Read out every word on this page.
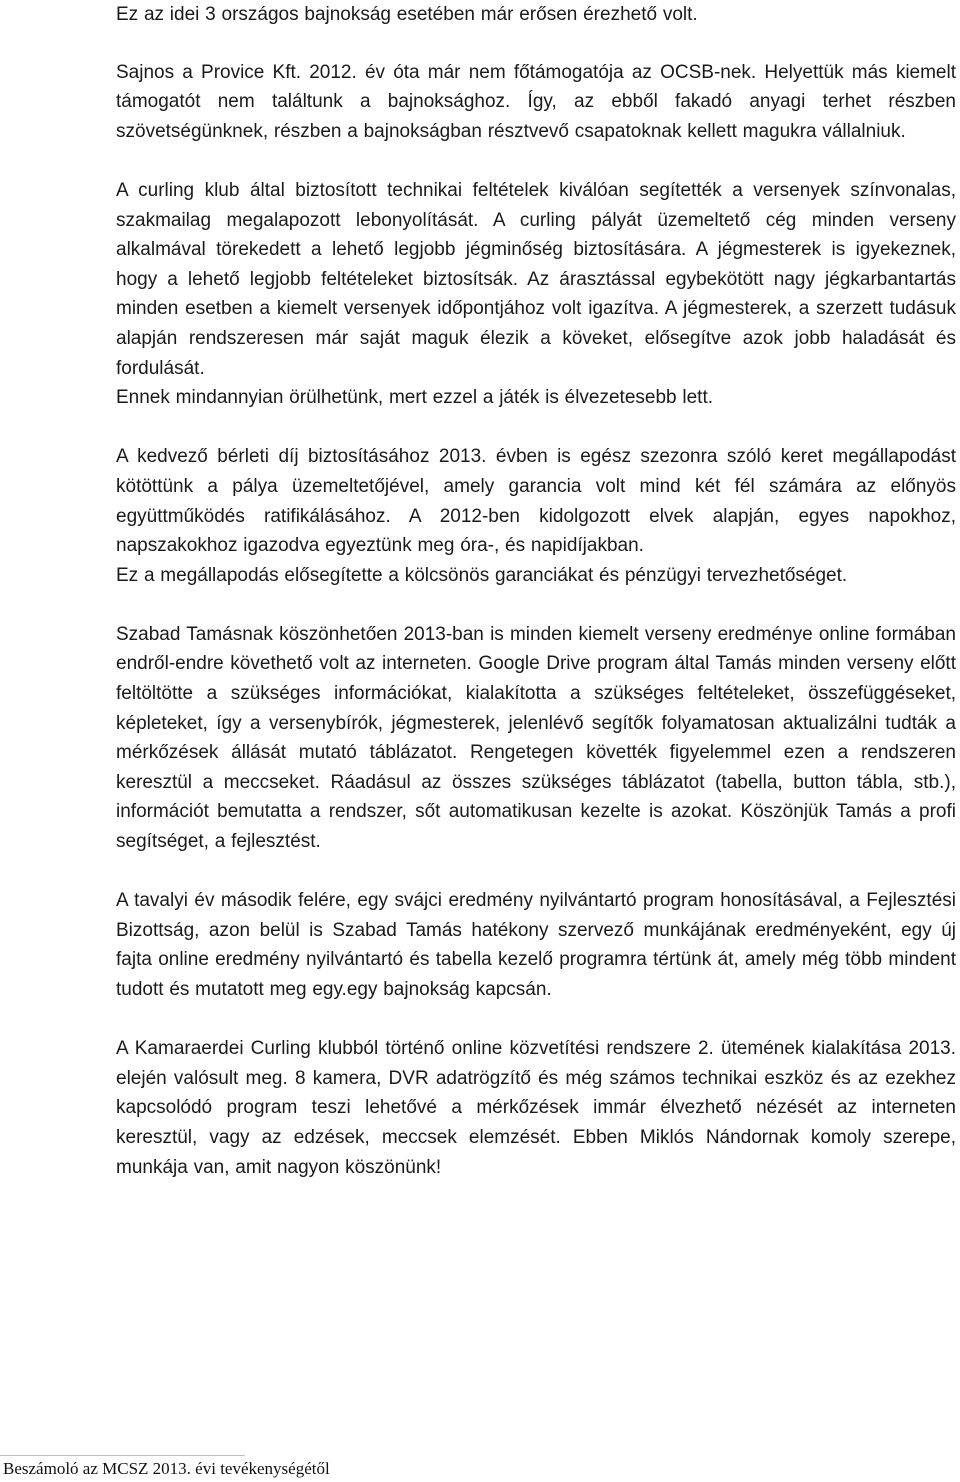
Ez az idei 3 országos bajnokság esetében már erősen érezhető volt.

Sajnos a Provice Kft. 2012. év óta már nem főtámogatója az OCSB-nek. Helyettük más kiemelt támogatót nem találtunk a bajnoksághoz. Így, az ebből fakadó anyagi terhet részben szövetségünknek, részben a bajnokságban résztvevő csapatoknak kellett magukra vállalniuk.

A curling klub által biztosított technikai feltételek kiválóan segítették a versenyek színvonalas, szakmailag megalapozott lebonyolítását. A curling pályát üzemeltető cég minden verseny alkalmával törekedett a lehető legjobb jégminőség biztosítására. A jégmesterek is igyekeznek, hogy a lehető legjobb feltételeket biztosítsák. Az árasztással egybekötött nagy jégkarbantartás minden esetben a kiemelt versenyek időpontjához volt igazítva. A jégmesterek, a szerzett tudásuk alapján rendszeresen már saját maguk élezik a köveket, elősegítve azok jobb haladását és fordulását.
Ennek mindannyian örülhetünk, mert ezzel a játék is élvezetesebb lett.

A kedvező bérleti díj biztosításához 2013. évben is egész szezonra szóló keret megállapodást kötöttünk a pálya üzemeltetőjével, amely garancia volt mind két fél számára az előnyös együttműködés ratifikálásához. A 2012-ben kidolgozott elvek alapján, egyes napokhoz, napszakokhoz igazodva egyeztünk meg óra-, és napidíjakban.
Ez a megállapodás elősegítette a kölcsönös garanciákat és pénzügyi tervezhetőséget.

Szabad Tamásnak köszönhetően 2013-ban is minden kiemelt verseny eredménye online formában endről-endre követhető volt az interneten. Google Drive program által Tamás minden verseny előtt feltöltötte a szükséges információkat, kialakította a szükséges feltételeket, összefüggéseket, képleteket, így a versenybírók, jégmesterek, jelenlévő segítők folyamatosan aktualizálni tudták a mérkőzések állását mutató táblázatot. Rengetegen követték figyelemmel ezen a rendszeren keresztül a meccseket. Ráadásul az összes szükséges táblázatot (tabella, button tábla, stb.), információt bemutatta a rendszer, sőt automatikusan kezelte is azokat. Köszönjük Tamás a profi segítséget, a fejlesztést.

A tavalyi év második felére, egy svájci eredmény nyilvántartó program honosításával, a Fejlesztési Bizottság, azon belül is Szabad Tamás hatékony szervező munkájának eredményeként, egy új fajta online eredmény nyilvántartó és tabella kezelő programra tértünk át, amely még több mindent tudott és mutatott meg egy.egy bajnokság kapcsán.

A Kamaraerdei Curling klubból történő online közvetítési rendszere 2. ütemének kialakítása 2013. elején valósult meg. 8 kamera, DVR adatrögzítő és még számos technikai eszköz és az ezekhez kapcsolódó program teszi lehetővé a mérkőzések immár élvezhető nézését az interneten keresztül, vagy az edzések, meccsek elemzését. Ebben Miklós Nándornak komoly szerepe, munkája van, amit nagyon köszönünk!

Beszámoló az MCSZ 2013. évi tevékenységétől
